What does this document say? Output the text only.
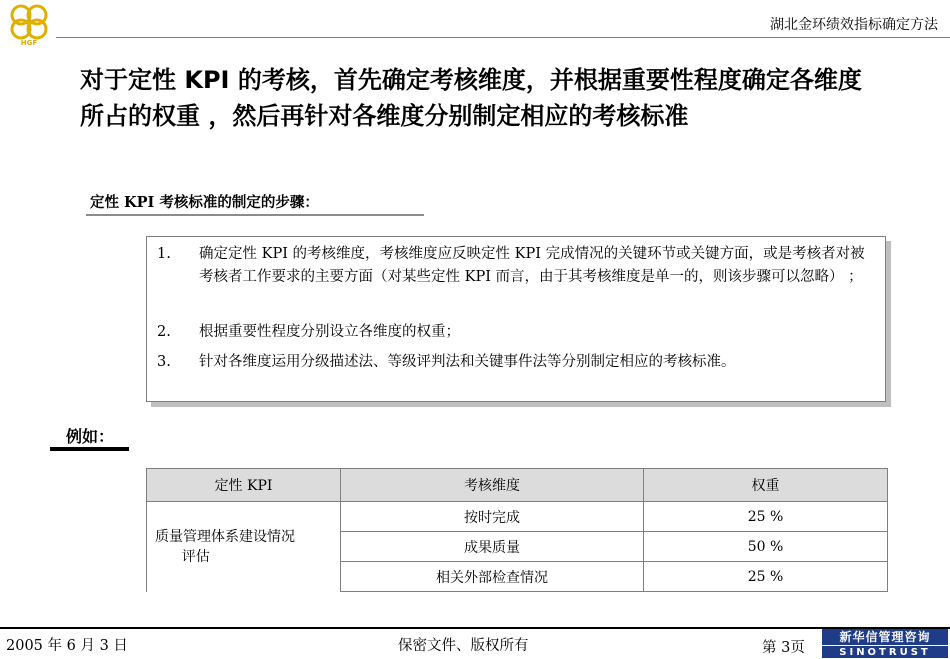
HGF
湖北金环绩效指标确定方法
对于定性 KPI 的考核，首先确定考核维度，并根据重要性程度确定各维度所占的权重 ，然后再针对各维度分别制定相应的考核标准
定性 KPI 考核标准的制定的步骤：
1.	确定定性 KPI 的考核维度，考核维度应反映定性 KPI 完成情况的关键环节或关键方面，或是考核者对被考核者工作要求的主要方面（对某些定性 KPI 而言，由于其考核维度是单一的，则该步骤可以忽略） ；
2.	根据重要性程度分别设立各维度的权重；
3.	针对各维度运用分级描述法、等级评判法和关键事件法等分别制定相应的考核标准。
例如：
定性 KPI	考核维度	权重
质量管理体系建设情况
评估	按时完成	25 %
	成果质量	50 %
	相关外部检查情况	25 %
2005 年 6 月 3 日	保密文件、版权所有	第 3页
新华信管理咨询
SINOTRUST
